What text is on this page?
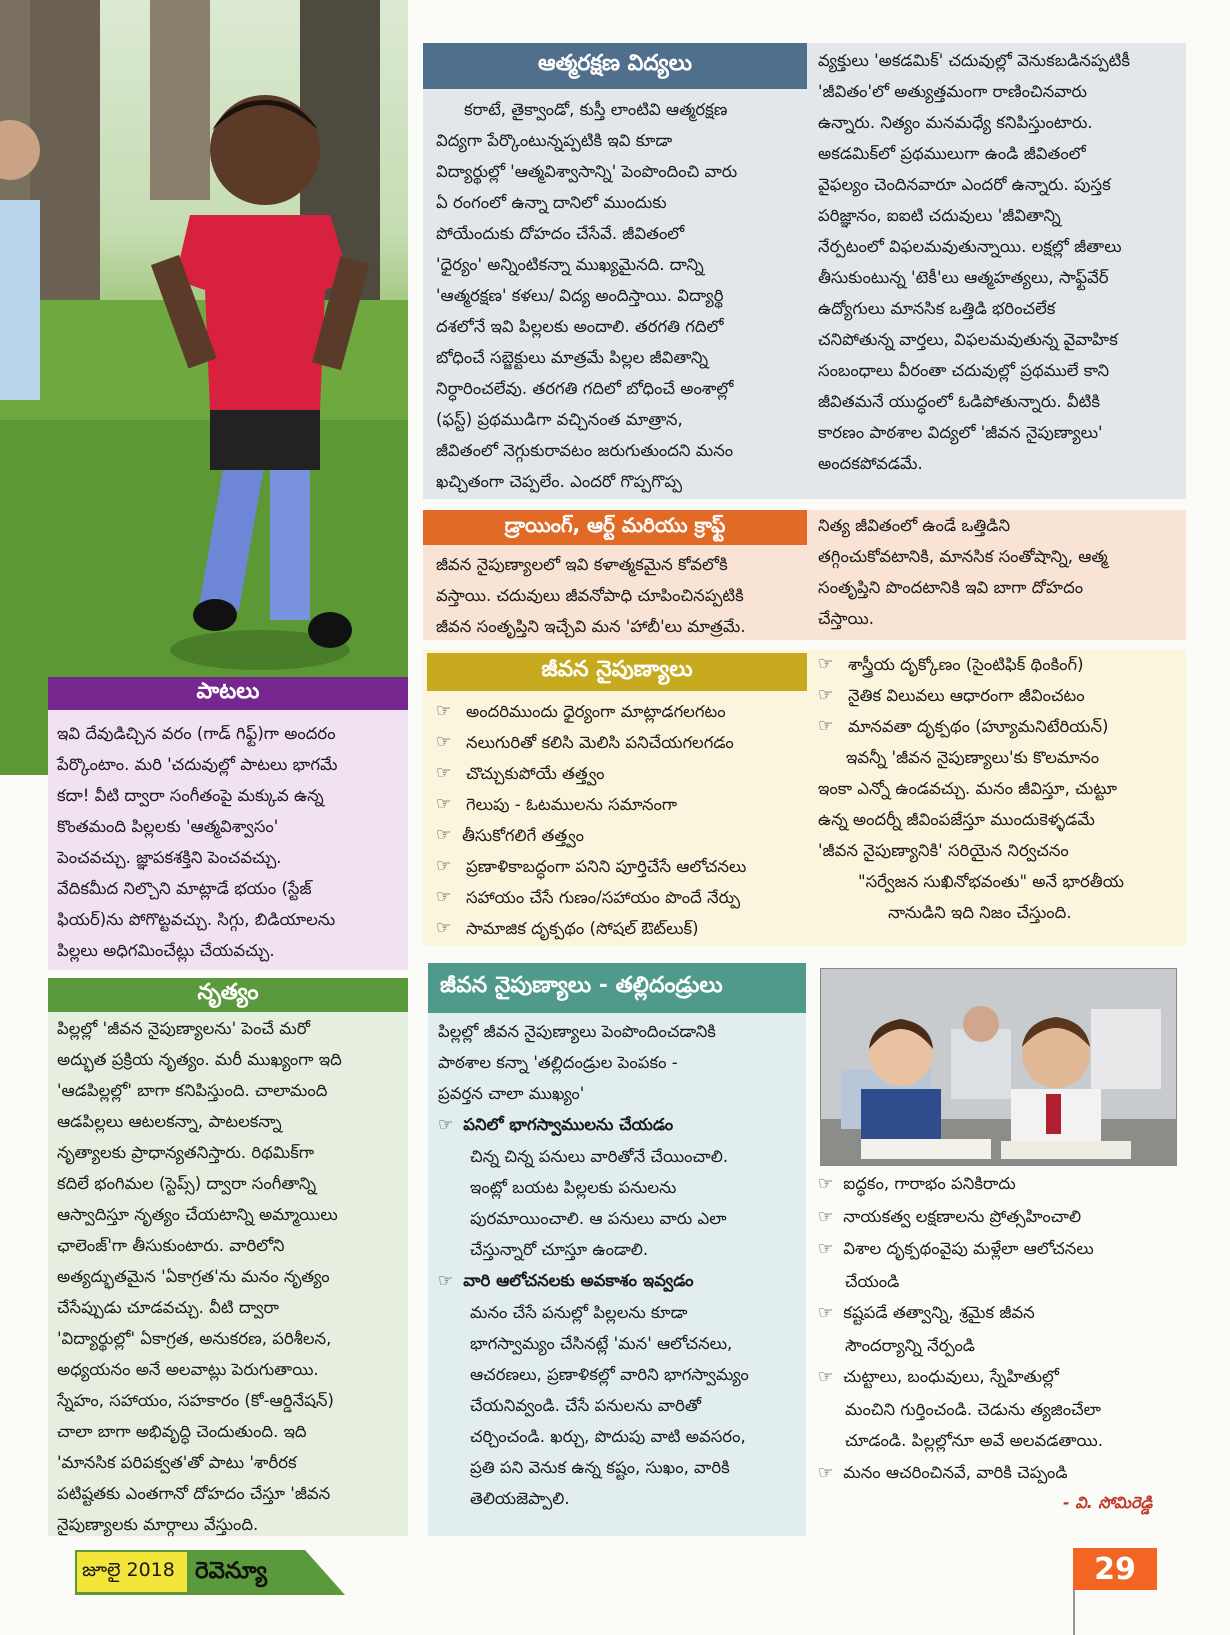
ఆత్మరక్షణ విద్యలు

కరాటే, తైక్వాండో, కుస్తీ లాంటివి ఆత్మరక్షణ

విద్యగా పేర్కొంటున్నప్పటికి ఇవి కూడా

విద్యార్థుల్లో 'ఆత్మవిశ్వాసాన్ని' పెంపొందించి వారు

ఏ రంగంలో ఉన్నా దానిలో ముందుకు

పోయేందుకు దోహదం చేసేవే. జీవితంలో

'ధైర్యం' అన్నింటికన్నా ముఖ్యమైనది. దాన్ని

'ఆత్మరక్షణ' కళలు/ విద్య అందిస్తాయి. విద్యార్థి

దశలోనే ఇవి పిల్లలకు అందాలి. తరగతి గదిలో

బోధించే సబ్జెక్టులు మాత్రమే పిల్లల జీవితాన్ని

నిర్ధారించలేవు. తరగతి గదిలో బోధించే అంశాల్లో

(ఫస్ట్) ప్రథముడిగా వచ్చినంత మాత్రాన,

జీవితంలో నెగ్గుకురావటం జరుగుతుందని మనం

ఖచ్చితంగా చెప్పలేం. ఎందరో గొప్పగొప్ప

వ్యక్తులు 'అకడమిక్' చదువుల్లో వెనుకబడినప్పటికీ

'జీవితం'లో అత్యుత్తమంగా రాణించినవారు

ఉన్నారు. నిత్యం మనమధ్యే కనిపిస్తుంటారు.

అకడమిక్‌లో ప్రథములుగా ఉండి జీవితంలో

వైఫల్యం చెందినవారూ ఎందరో ఉన్నారు. పుస్తక

పరిజ్ఞానం, ఐఐటి చదువులు 'జీవితాన్ని

నేర్పటంలో విఫలమవుతున్నాయి. లక్షల్లో జీతాలు

తీసుకుంటున్న 'టెకీ'లు ఆత్మహత్యలు, సాఫ్ట్‌వేర్

ఉద్యోగులు మానసిక ఒత్తిడి భరించలేక

చనిపోతున్న వార్తలు, విఫలమవుతున్న వైవాహిక

సంబంధాలు వీరంతా చదువుల్లో ప్రథములే కాని

జీవితమనే యుద్ధంలో ఓడిపోతున్నారు. వీటికి

కారణం పాఠశాల విద్యలో 'జీవన నైపుణ్యాలు'

అందకపోవడమే.

డ్రాయింగ్, ఆర్ట్ మరియు క్రాఫ్ట్

జీవన నైపుణ్యాలలో ఇవి కళాత్మకమైన కోవలోకి

వస్తాయి. చదువులు జీవనోపాధి చూపించినప్పటికి

జీవన సంతృప్తిని ఇచ్చేవి మన 'హాబీ'లు మాత్రమే.

నిత్య జీవితంలో ఉండే ఒత్తిడిని

తగ్గించుకోవటానికి, మానసిక సంతోషాన్ని, ఆత్మ

సంతృప్తిని పొందటానికి ఇవి బాగా దోహదం

చేస్తాయి.

జీవన నైపుణ్యాలు
☞ అందరిముందు ధైర్యంగా మాట్లాడగలగటం
☞ నలుగురితో కలిసి మెలిసి పనిచేయగలగడం
☞ చొచ్చుకుపోయే తత్త్వం
☞ గెలుపు - ఓటములను సమానంగా
☞ తీసుకోగలిగే తత్త్వం
☞ ప్రణాళికాబద్ధంగా పనిని పూర్తిచేసే ఆలోచనలు
☞ సహాయం చేసే గుణం/సహాయం పొందే నేర్పు
☞ సామాజిక దృక్పథం (సోషల్ ఔట్‌లుక్)
☞ శాస్త్రీయ దృక్కోణం (సైంటిఫిక్ థింకింగ్)
☞ నైతిక విలువలు ఆధారంగా జీవించటం
☞ మానవతా దృక్పథం (హ్యూమనిటేరియన్)

ఇవన్నీ 'జీవన నైపుణ్యాలు'కు కొలమానం

ఇంకా ఎన్నో ఉండవచ్చు. మనం జీవిస్తూ, చుట్టూ

ఉన్న అందర్నీ జీవింపజేస్తూ ముందుకెళ్ళడమే

'జీవన నైపుణ్యానికి' సరియైన నిర్వచనం

"సర్వేజన సుఖినోభవంతు" అనే భారతీయ

నానుడిని ఇది నిజం చేస్తుంది.

పాటలు

ఇవి దేవుడిచ్చిన వరం (గాడ్ గిఫ్ట్)గా అందరం

పేర్కొంటాం. మరి 'చదువుల్లో పాటలు భాగమే

కదా! వీటి ద్వారా సంగీతంపై మక్కువ ఉన్న

కొంతమంది పిల్లలకు 'ఆత్మవిశ్వాసం'

పెంచవచ్చు. జ్ఞాపకశక్తిని పెంచవచ్చు.

వేదికమీద నిల్చొని మాట్లాడే భయం (స్టేజ్

ఫియర్)ను పోగొట్టవచ్చు. సిగ్గు, బిడియాలను

పిల్లలు అధిగమించేట్లు చేయవచ్చు.

నృత్యం

పిల్లల్లో 'జీవన నైపుణ్యాలను' పెంచే మరో

అద్భుత ప్రక్రియ నృత్యం. మరీ ముఖ్యంగా ఇది

'ఆడపిల్లల్లో' బాగా కనిపిస్తుంది. చాలామంది

ఆడపిల్లలు ఆటలకన్నా, పాటలకన్నా

నృత్యాలకు ప్రాధాన్యతనిస్తారు. రిథమిక్‌గా

కదిలే భంగిమల (స్టెప్స్) ద్వారా సంగీతాన్ని

ఆస్వాదిస్తూ నృత్యం చేయటాన్ని అమ్మాయిలు

ఛాలెంజ్‌'గా తీసుకుంటారు. వారిలోని

అత్యద్భుతమైన 'ఏకాగ్రత'ను మనం నృత్యం

చేసేప్పుడు చూడవచ్చు. వీటి ద్వారా

'విద్యార్థుల్లో' ఏకాగ్రత, అనుకరణ, పరిశీలన,

అధ్యయనం అనే అలవాట్లు పెరుగుతాయి.

స్నేహం, సహాయం, సహకారం (కో-ఆర్డినేషన్)

చాలా బాగా అభివృద్ధి చెందుతుంది. ఇది

'మానసిక పరిపక్వత'తో పాటు 'శారీరక

పటిష్టతకు ఎంతగానో దోహదం చేస్తూ 'జీవన

నైపుణ్యాలకు మార్గాలు వేస్తుంది.

జీవన నైపుణ్యాలు - తల్లిదండ్రులు

పిల్లల్లో జీవన నైపుణ్యాలు పెంపొందించడానికి

పాఠశాల కన్నా 'తల్లిదండ్రుల పెంపకం -

ప్రవర్తన చాలా ముఖ్యం'

☞ పనిలో భాగస్వాములను చేయడం

చిన్న చిన్న పనులు వారితోనే చేయించాలి.

ఇంట్లో బయట పిల్లలకు పనులను

పురమాయించాలి. ఆ పనులు వారు ఎలా

చేస్తున్నారో చూస్తూ ఉండాలి.

☞ వారి ఆలోచనలకు అవకాశం ఇవ్వడం

మనం చేసే పనుల్లో పిల్లలను కూడా

భాగస్వామ్యం చేసినట్లే 'మన' ఆలోచనలు,

ఆచరణలు, ప్రణాళికల్లో వారిని భాగస్వామ్యం

చేయనివ్వండి. చేసే పనులను వారితో

చర్చించండి. ఖర్చు, పొదుపు వాటి అవసరం,

ప్రతి పని వెనుక ఉన్న కష్టం, సుఖం, వారికి

తెలియజెప్పాలి.

☞ ఐద్ధకం, గారాభం పనికిరాదు

☞ నాయకత్వ లక్షణాలను ప్రోత్సహించాలి

☞ విశాల దృక్పథంవైపు మళ్లేలా ఆలోచనలు

చేయండి

☞ కష్టపడే తత్వాన్ని, శ్రమైక జీవన

సౌందర్యాన్ని నేర్పండి

☞ చుట్టాలు, బంధువులు, స్నేహితుల్లో

మంచిని గుర్తించండి. చెడును త్యజించేలా

చూడండి. పిల్లల్లోనూ అవే అలవడతాయి.

☞ మనం ఆచరించినవే, వారికి చెప్పండి

- వి. సోమిరెడ్డి
జూలై 2018 రెవెన్యూ	29
